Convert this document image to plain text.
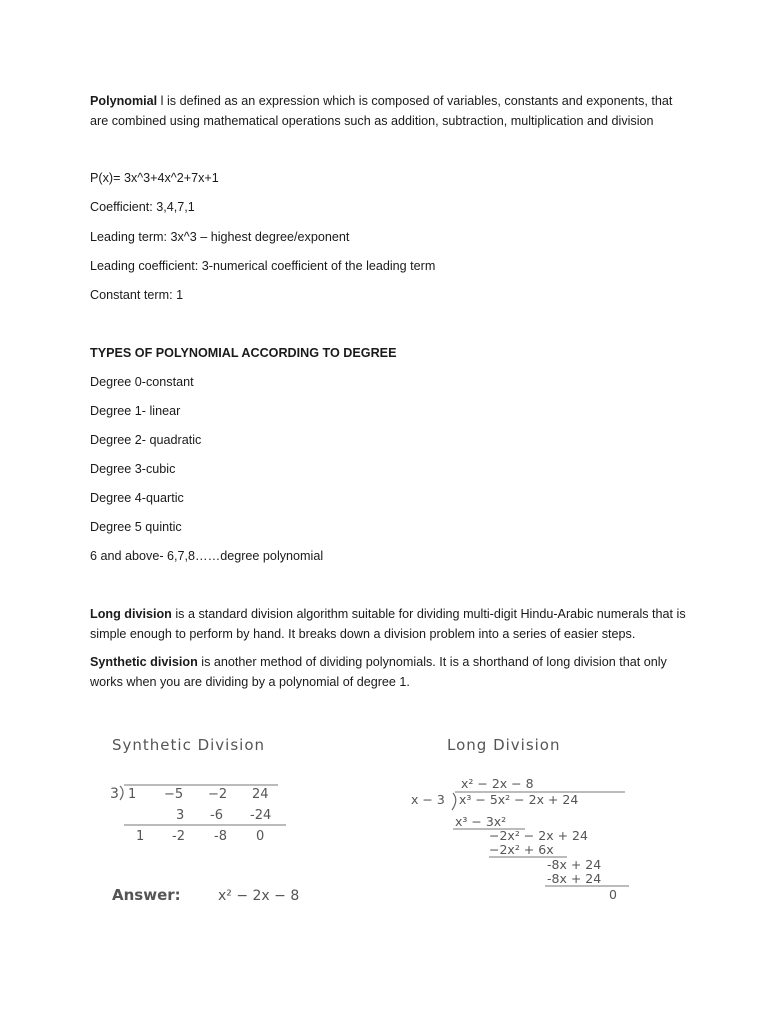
Polynomial l is defined as an expression which is composed of variables, constants and exponents, that are combined using mathematical operations such as addition, subtraction, multiplication and division
P(x)= 3x^3+4x^2+7x+1
Coefficient: 3,4,7,1
Leading term: 3x^3 – highest degree/exponent
Leading coefficient: 3-numerical coefficient of the leading term
Constant term: 1
TYPES OF POLYNOMIAL ACCORDING TO DEGREE
Degree 0-constant
Degree 1- linear
Degree 2- quadratic
Degree 3-cubic
Degree 4-quartic
Degree 5 quintic
6 and above- 6,7,8……degree polynomial
Long division is a standard division algorithm suitable for dividing multi-digit Hindu-Arabic numerals that is simple enough to perform by hand. It breaks down a division problem into a series of easier steps.
Synthetic division is another method of dividing polynomials. It is a shorthand of long division that only works when you are dividing by a polynomial of degree 1.
Synthetic Division
3 1 −5 −2 24
3 -6 -24
1 -2 -8 0
Answer:	x² − 2x − 8
Long Division
x² − 2x − 8
x − 3 x³ − 5x² − 2x + 24
x³ − 3x²
−2x² − 2x + 24
−2x² + 6x
-8x + 24
-8x + 24
0
